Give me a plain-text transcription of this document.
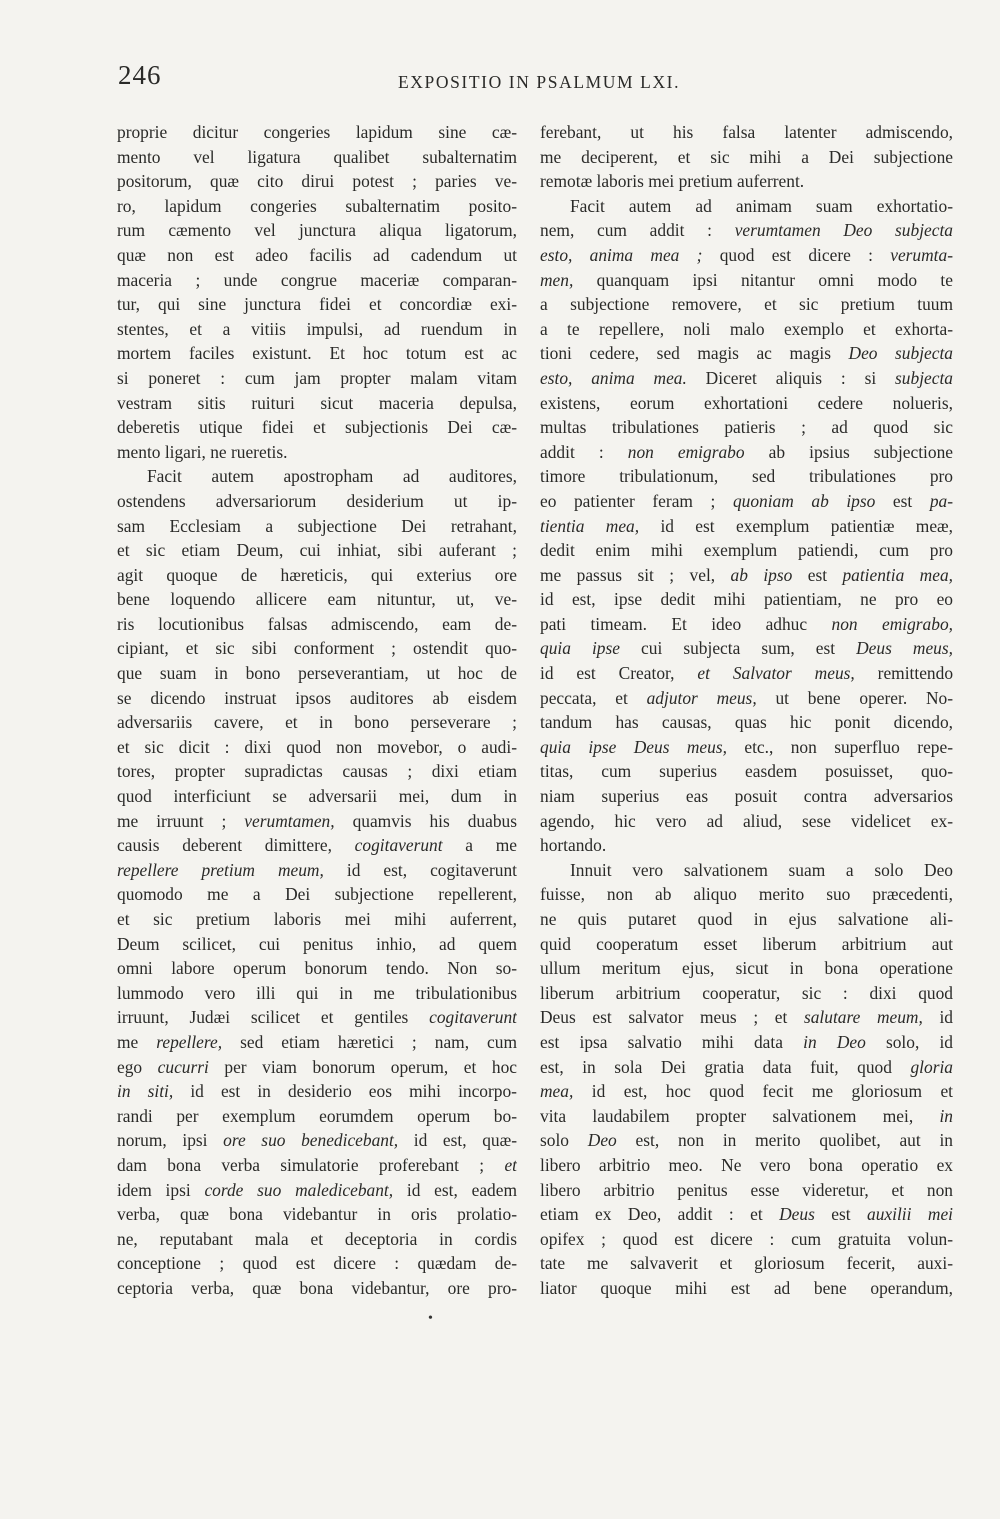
246	EXPOSITIO IN PSALMUM LXI.
proprie dicitur congeries lapidum sine cæ-
mento vel ligatura qualibet subalternatim
positorum, quæ cito dirui potest ; paries ve-
ro, lapidum congeries subalternatim posito-
rum cæmento vel junctura aliqua ligatorum,
quæ non est adeo facilis ad cadendum ut
maceria ; unde congrue maceriæ comparan-
tur, qui sine junctura fidei et concordiæ exi-
stentes, et a vitiis impulsi, ad ruendum in
mortem faciles existunt. Et hoc totum est ac
si poneret : cum jam propter malam vitam
vestram sitis ruituri sicut maceria depulsa,
deberetis utique fidei et subjectionis Dei cæ-
mento ligari, ne rueretis.
Facit autem apostropham ad auditores,
ostendens adversariorum desiderium ut ip-
sam Ecclesiam a subjectione Dei retrahant,
et sic etiam Deum, cui inhiat, sibi auferant ;
agit quoque de hæreticis, qui exterius ore
bene loquendo allicere eam nituntur, ut, ve-
ris locutionibus falsas admiscendo, eam de-
cipiant, et sic sibi conforment ; ostendit quo-
que suam in bono perseverantiam, ut hoc de
se dicendo instruat ipsos auditores ab eisdem
adversariis cavere, et in bono perseverare ;
et sic dicit : dixi quod non movebor, o audi-
tores, propter supradictas causas ; dixi etiam
quod interficiunt se adversarii mei, dum in
me irruunt ; verumtamen, quamvis his duabus
causis deberent dimittere, cogitaverunt a me
repellere pretium meum, id est, cogitaverunt
quomodo me a Dei subjectione repellerent,
et sic pretium laboris mei mihi auferrent,
Deum scilicet, cui penitus inhio, ad quem
omni labore operum bonorum tendo. Non so-
lummodo vero illi qui in me tribulationibus
irruunt, Judæi scilicet et gentiles cogitaverunt
me repellere, sed etiam hæretici ; nam, cum
ego cucurri per viam bonorum operum, et hoc
in siti, id est in desiderio eos mihi incorpo-
randi per exemplum eorumdem operum bo-
norum, ipsi ore suo benedicebant, id est, quæ-
dam bona verba simulatorie proferebant ; et
idem ipsi corde suo maledicebant, id est, eadem
verba, quæ bona videbantur in oris prolatio-
ne, reputabant mala et deceptoria in cordis
conceptione ; quod est dicere : quædam de-
ceptoria verba, quæ bona videbantur, ore pro-
ferebant, ut his falsa latenter admiscendo,
me deciperent, et sic mihi a Dei subjectione
remotæ laboris mei pretium auferrent.
Facit autem ad animam suam exhortatio-
nem, cum addit : verumtamen Deo subjecta
esto, anima mea ; quod est dicere : verumta-
men, quanquam ipsi nitantur omni modo te
a subjectione removere, et sic pretium tuum
a te repellere, noli malo exemplo et exhorta-
tioni cedere, sed magis ac magis Deo subjecta
esto, anima mea. Diceret aliquis : si subjecta
existens, eorum exhortationi cedere nolueris,
multas tribulationes patieris ; ad quod sic
addit : non emigrabo ab ipsius subjectione
timore tribulationum, sed tribulationes pro
eo patienter feram ; quoniam ab ipso est pa-
tientia mea, id est exemplum patientiæ meæ,
dedit enim mihi exemplum patiendi, cum pro
me passus sit ; vel, ab ipso est patientia mea,
id est, ipse dedit mihi patientiam, ne pro eo
pati timeam. Et ideo adhuc non emigrabo,
quia ipse cui subjecta sum, est Deus meus,
id est Creator, et Salvator meus, remittendo
peccata, et adjutor meus, ut bene operer. No-
tandum has causas, quas hic ponit dicendo,
quia ipse Deus meus, etc., non superfluo repe-
titas, cum superius easdem posuisset, quo-
niam superius eas posuit contra adversarios
agendo, hic vero ad aliud, sese videlicet ex-
hortando.
Innuit vero salvationem suam a solo Deo
fuisse, non ab aliquo merito suo præcedenti,
ne quis putaret quod in ejus salvatione ali-
quid cooperatum esset liberum arbitrium aut
ullum meritum ejus, sicut in bona operatione
liberum arbitrium cooperatur, sic : dixi quod
Deus est salvator meus ; et salutare meum, id
est ipsa salvatio mihi data in Deo solo, id
est, in sola Dei gratia data fuit, quod gloria
mea, id est, hoc quod fecit me gloriosum et
vita laudabilem propter salvationem mei, in
solo Deo est, non in merito quolibet, aut in
libero arbitrio meo. Ne vero bona operatio ex
libero arbitrio penitus esse videretur, et non
etiam ex Deo, addit : et Deus est auxilii mei
opifex ; quod est dicere : cum gratuita volun-
tate me salvaverit et gloriosum fecerit, auxi-
liator quoque mihi est ad bene operandum,
•
